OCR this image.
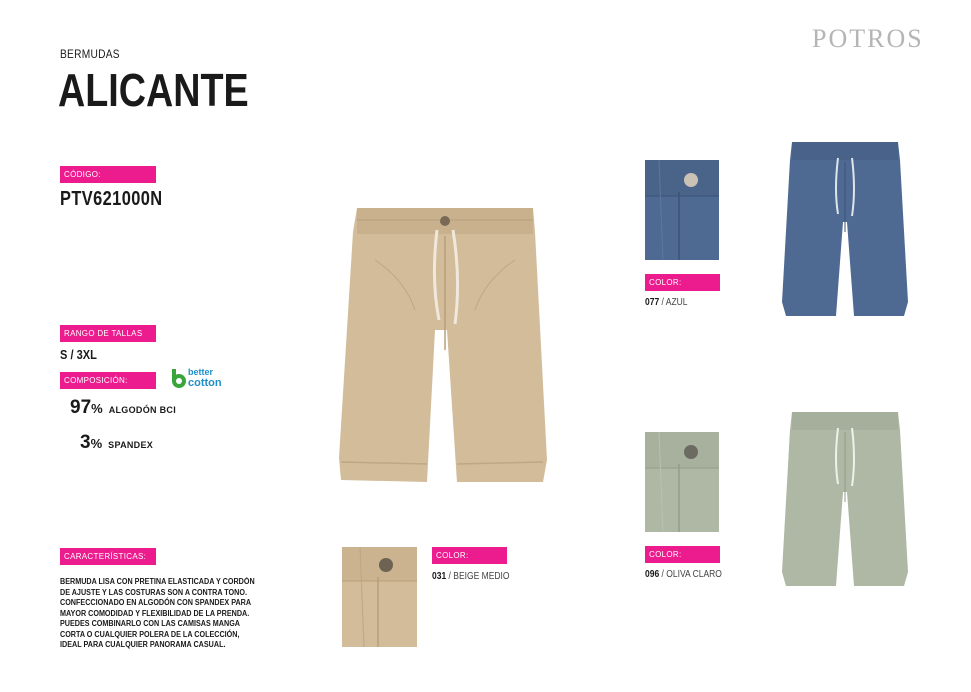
POTROS
BERMUDAS
ALICANTE
CÓDIGO:
PTV621000N
RANGO DE TALLAS
S / 3XL
better
cotton
COMPOSICIÓN:
97% ALGODÓN BCI
3% SPANDEX
CARACTERÍSTICAS:
BERMUDA LISA CON PRETINA ELASTICADA Y CORDÓN DE AJUSTE Y LAS COSTURAS SON A CONTRA TONO. CONFECCIONADO EN ALGODÓN CON SPANDEX PARA MAYOR COMODIDAD Y FLEXIBILIDAD DE LA PRENDA. PUEDES COMBINARLO CON LAS CAMISAS MANGA CORTA O CUALQUIER POLERA DE LA COLECCIÓN, IDEAL PARA CUALQUIER PANORAMA CASUAL.
COLOR:
031 / BEIGE MEDIO
COLOR:
077 / AZUL
COLOR:
096 / OLIVA CLARO
